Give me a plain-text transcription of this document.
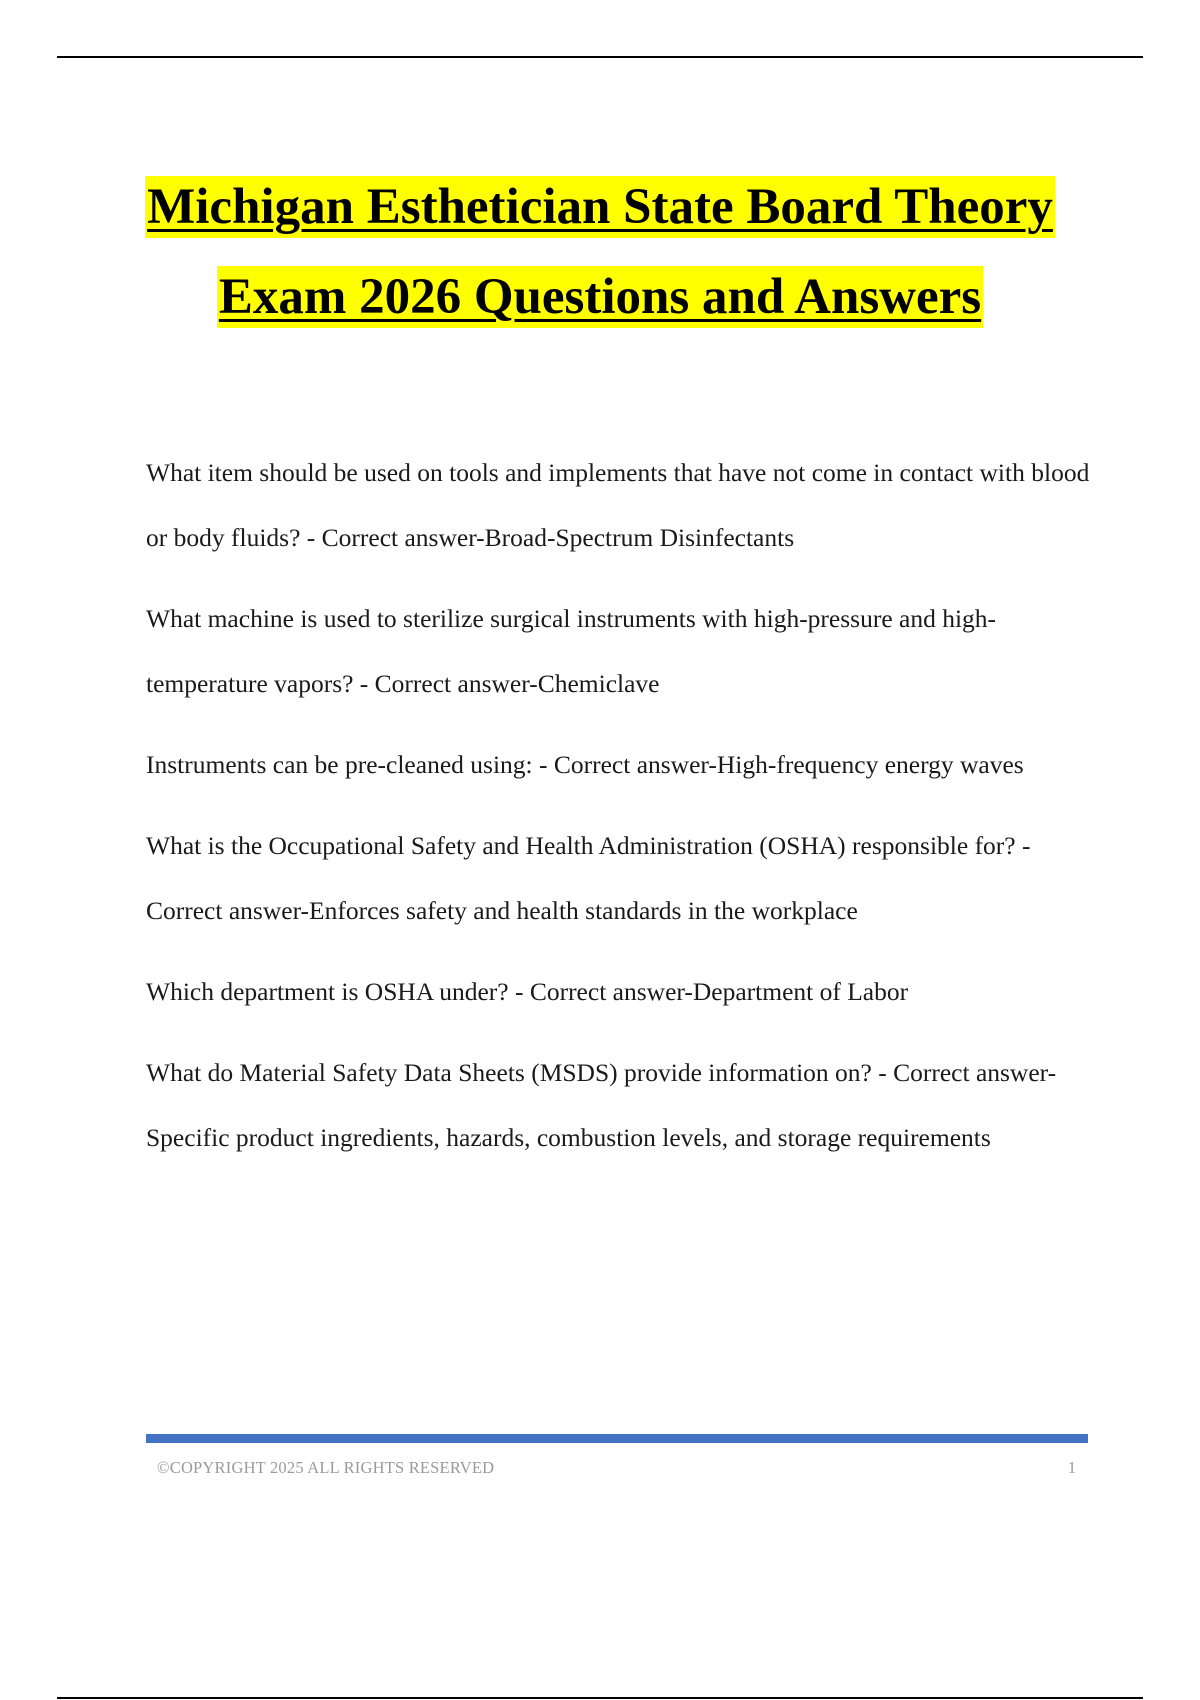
Michigan Esthetician State Board Theory
Exam 2026 Questions and Answers
What item should be used on tools and implements that have not come in contact with blood or body fluids? - Correct answer-Broad-Spectrum Disinfectants
What machine is used to sterilize surgical instruments with high-pressure and high-temperature vapors? - Correct answer-Chemiclave
Instruments can be pre-cleaned using: - Correct answer-High-frequency energy waves
What is the Occupational Safety and Health Administration (OSHA) responsible for? - Correct answer-Enforces safety and health standards in the workplace
Which department is OSHA under? - Correct answer-Department of Labor
What do Material Safety Data Sheets (MSDS) provide information on? - Correct answer-Specific product ingredients, hazards, combustion levels, and storage requirements
©COPYRIGHT 2025 ALL RIGHTS RESERVED	1
